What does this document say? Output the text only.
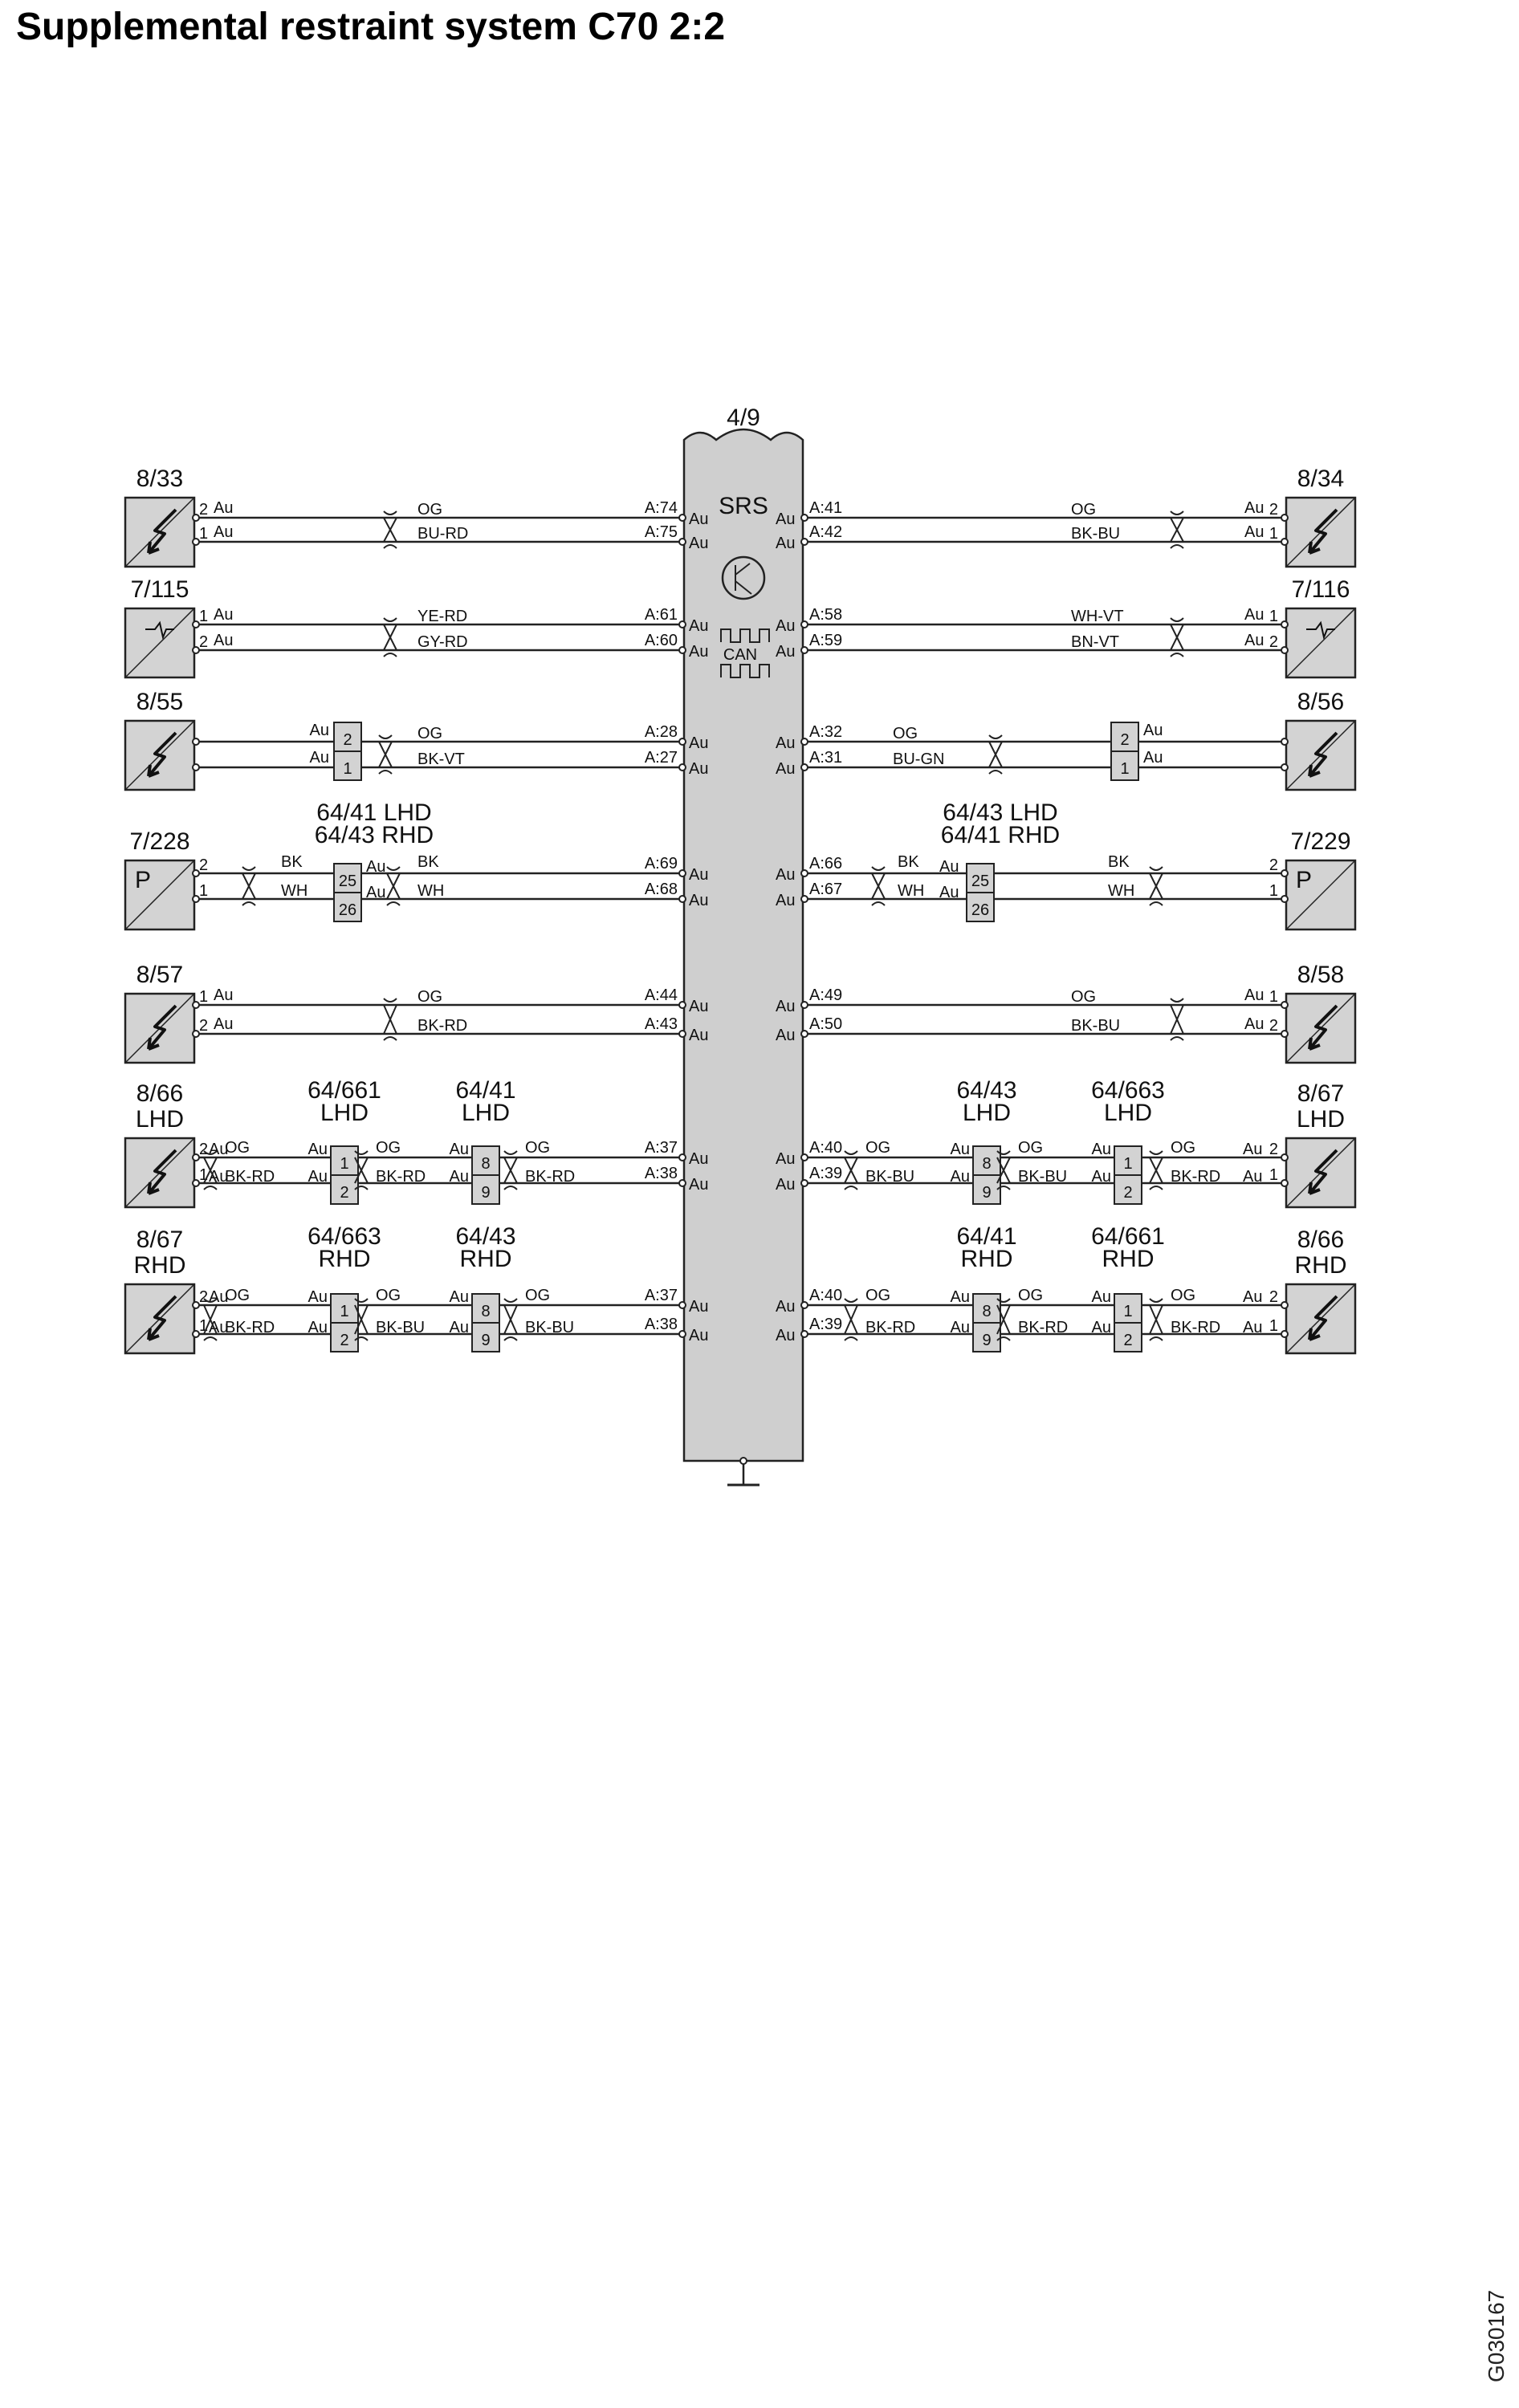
Supplemental restraint system C70 2:2
4/9
SRS
CAN
8/33	8/34
Au	Au
A:74	A:41
2	2
Au	Au
A:75	A:42
1	1
Au
Au
Au
Au
OG
BU-RD
OG
BK-BU
7/115	7/116
Au	Au
A:61	A:58
1	1
Au	Au
A:60	A:59
2	2
Au
Au
Au
Au
YE-RD
GY-RD
WH-VT
BN-VT
8/55	8/56
Au	Au
A:28	A:32
Au	Au
A:27	A:31
2
1
2
1
Au
Au
Au
Au
OG
BK-VT
OG
BU-GN
P
7/228
P
7/229
Au	Au
A:69	A:66
2	2
Au	Au
A:68	A:67
1	1
25
26
25
26
64/41 LHD
64/43 RHD
64/43 LHD
64/41 RHD
Au
Au
Au
Au
BK
WH
BK
WH
BK
WH
BK
WH
8/57	8/58
Au	Au
A:44	A:49
1	1
Au	Au
A:43	A:50
2	2
Au
Au
Au
Au
OG
BK-RD
OG
BK-BU
8/66
LHD
8/67
LHD
Au	Au
A:37	A:40
2	2
Au	Au
A:38	A:39
1	1
1
2
64/661
LHD
Au
Au
8
9
64/41
LHD
Au
Au
8
9
64/43
LHD
Au
Au
1
2
64/663
LHD
Au
Au
Au
Au
Au
Au
OG
BK-RD
OG
BK-RD
OG
BK-RD
OG
BK-BU
OG
BK-BU
OG
BK-RD
8/67
RHD
8/66
RHD
Au	Au
A:37	A:40
2	2
Au	Au
A:38	A:39
1	1
1
2
64/663
RHD
Au
Au
8
9
64/43
RHD
Au
Au
8
9
64/41
RHD
Au
Au
1
2
64/661
RHD
Au
Au
Au
Au
Au
Au
OG
BK-RD
OG
BK-BU
OG
BK-BU
OG
BK-RD
OG
BK-RD
OG
BK-RD
G030167
